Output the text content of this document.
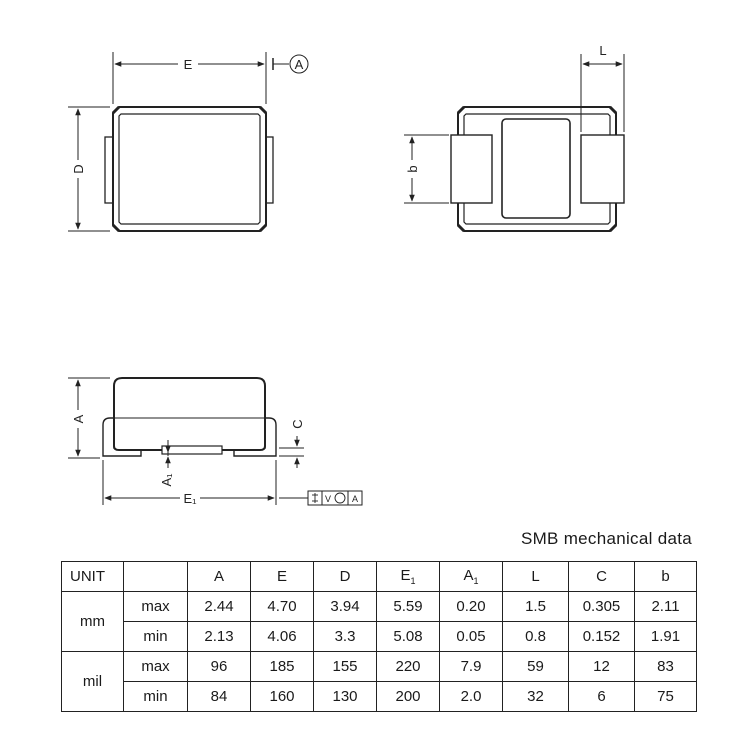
E	A
D
L
b
A
C
A₁
E₁	V A
SMB mechanical data
UNIT		A	E	D	$E_1$	$A_1$	L	C	b
mm	max	2.44	4.70	3.94	5.59	0.20	1.5	0.305	2.11
	min	2.13	4.06	3.3	5.08	0.05	0.8	0.152	1.91
mil	max	96	185	155	220	7.9	59	12	83
	min	84	160	130	200	2.0	32	6	75
